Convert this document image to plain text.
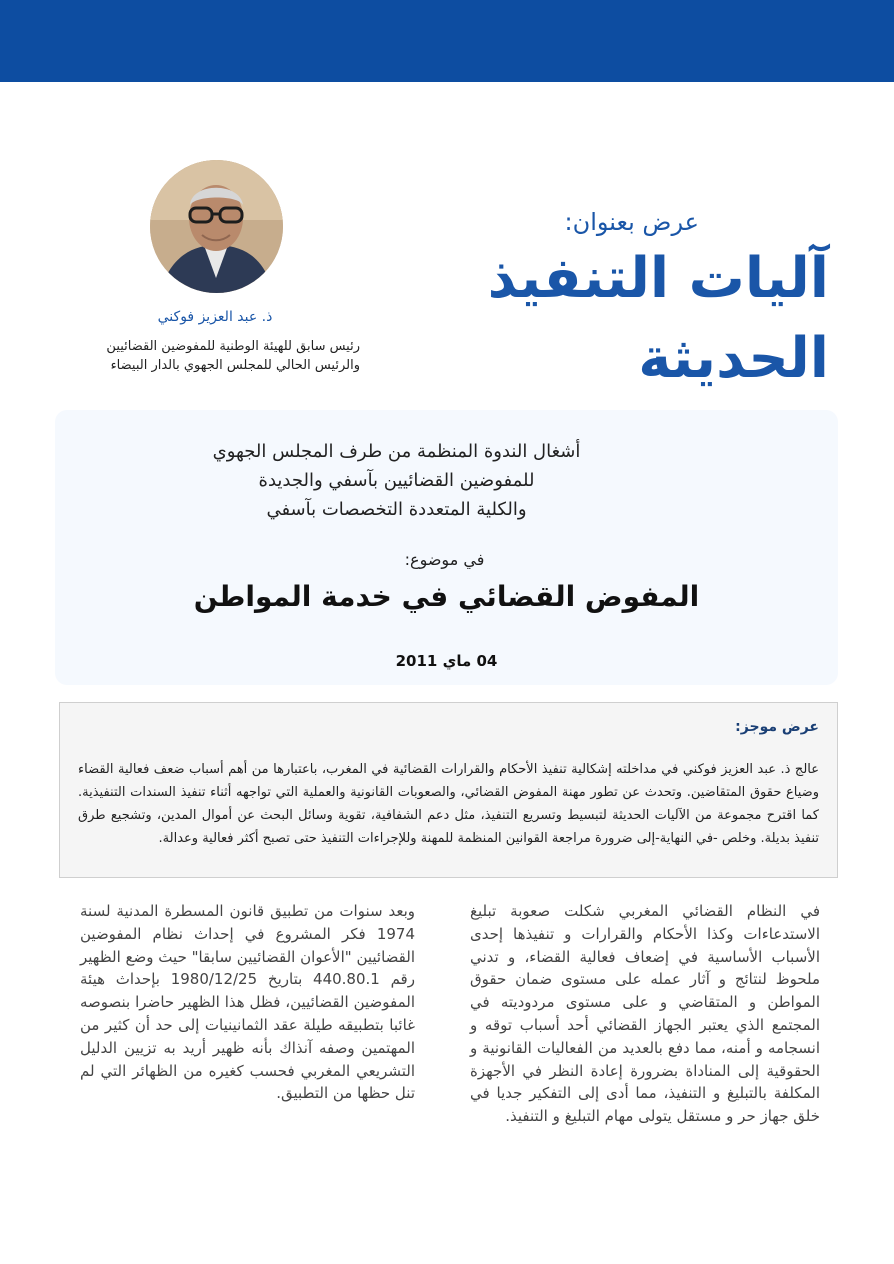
عرض بعنوان:
آليات التنفيذ الحديثة
ذ. عبد العزيز فوكني
رئيس سابق للهيئة الوطنية للمفوضين القضائيين
والرئيس الحالي للمجلس الجهوي بالدار البيضاء
أشغال الندوة المنظمة من طرف المجلس الجهوي
للمفوضين القضائيين بآسفي والجديدة
والكلية المتعددة التخصصات بآسفي
في موضوع:
المفوض القضائي في خدمة المواطن
04 ماي 2011
عرض موجز:
عالج ذ. عبد العزيز فوكني في مداخلته إشكالية تنفيذ الأحكام والقرارات القضائية في المغرب، باعتبارها من أهم أسباب ضعف فعالية القضاء وضياع حقوق المتقاضين. وتحدث عن تطور مهنة المفوض القضائي، والصعوبات القانونية والعملية التي تواجهه أثناء تنفيذ السندات التنفيذية. كما اقترح مجموعة من الآليات الحديثة لتبسيط وتسريع التنفيذ، مثل دعم الشفافية، تقوية وسائل البحث عن أموال المدين، وتشجيع طرق تنفيذ بديلة. وخلص -في النهاية-إلى ضرورة مراجعة القوانين المنظمة للمهنة وللإجراءات التنفيذ حتى تصبح أكثر فعالية وعدالة.
في النظام القضائي المغربي شكلت صعوبة تبليغ الاستدعاءات وكذا الأحكام والقرارات و تنفيذها إحدى الأسباب الأساسية في إضعاف فعالية القضاء، و تدني ملحوظ لنتائج و آثار عمله على مستوى ضمان حقوق المواطن و المتقاضي و على مستوى مردوديته في المجتمع الذي يعتبر الجهاز القضائي أحد أسباب توقه و انسجامه و أمنه، مما دفع بالعديد من الفعاليات القانونية و الحقوقية إلى المناداة بضرورة إعادة النظر في الأجهزة المكلفة بالتبليغ و التنفيذ، مما أدى إلى التفكير جديا في خلق جهاز حر و مستقل يتولى مهام التبليغ و التنفيذ.
وبعد سنوات من تطبيق قانون المسطرة المدنية لسنة 1974 فكر المشروع في إحداث نظام المفوضين القضائيين "الأعوان القضائيين سابقا" حيث وضع الظهير رقم 440.80.1 بتاريخ 1980/12/25 بإحداث هيئة المفوضين القضائيين، فظل هذا الظهير حاضرا بنصوصه غائبا بتطبيقه طيلة عقد الثمانينيات إلى حد أن كثير من المهتمين وصفه آنذاك بأنه ظهير أريد به تزيين الدليل التشريعي المغربي فحسب كغيره من الظهائر التي لم تنل حظها من التطبيق.
